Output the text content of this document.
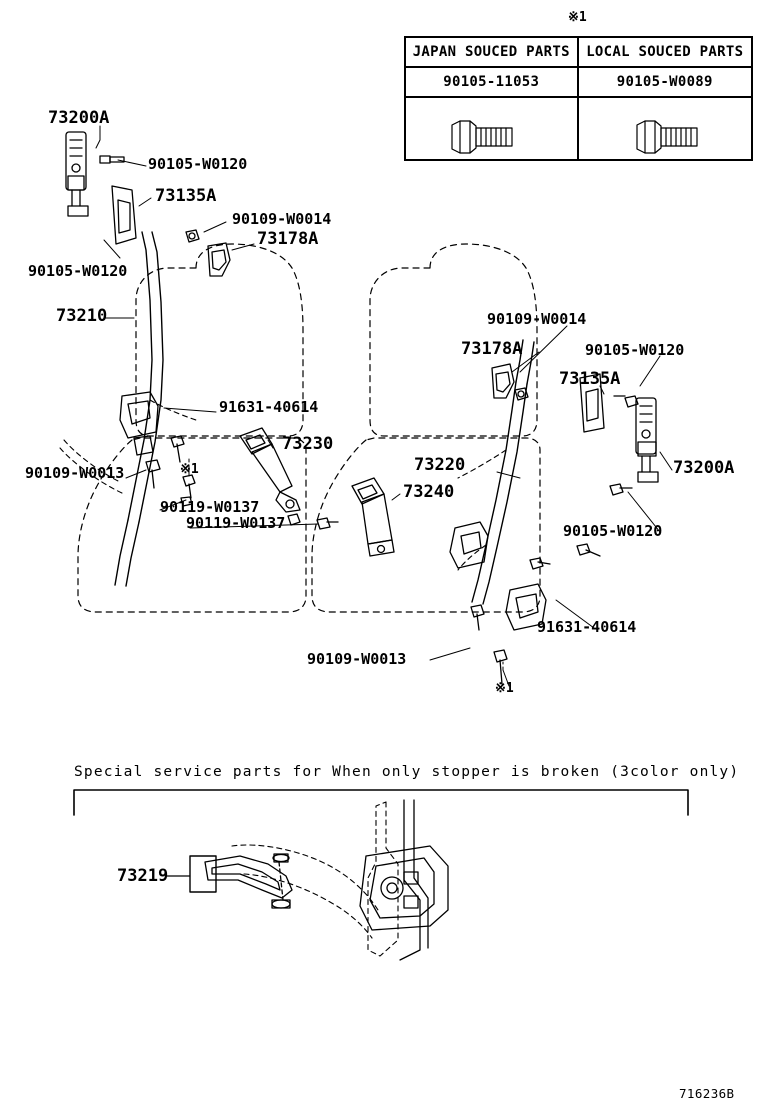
※1
JAPAN SOUCED PARTS	LOCAL SOUCED PARTS
90105-11053	90105-W0089
73200A
90105-W0120
73135A
90109-W0014
73178A
90105-W0120
73210
91631-40614
90109-W0013	※1
90119-W0137
90119-W0137
73230
90109-W0014
73178A	90105-W0120
73135A
73200A
73220
73240
90105-W0120
91631-40614
90109-W0013
※1
Special service parts for When only stopper is broken (3color only)
73219
716236B
